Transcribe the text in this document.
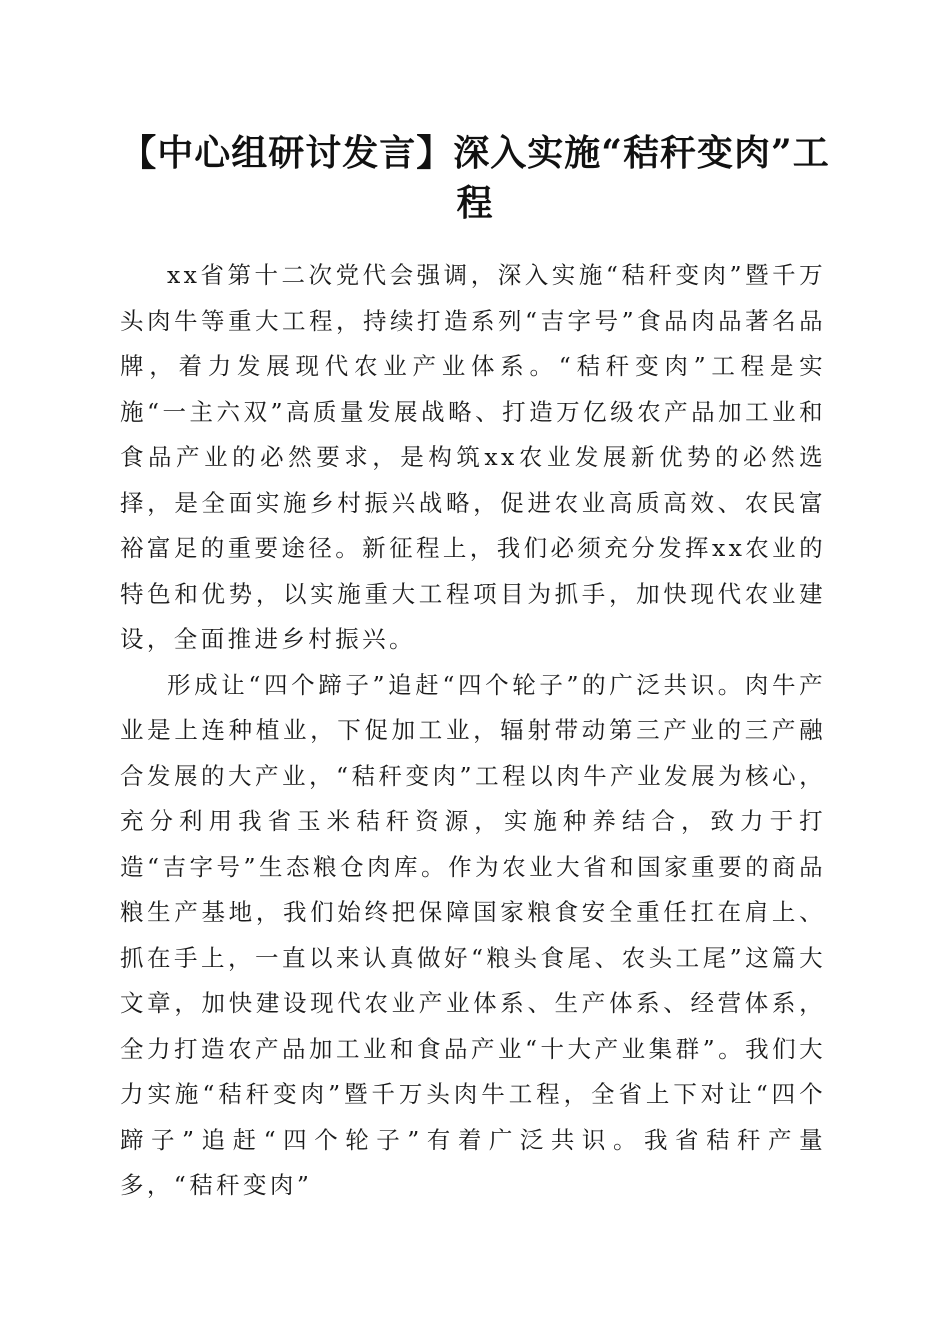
【中心组研讨发言】深入实施“秸秆变肉”工程

xx省第十二次党代会强调，深入实施“秸秆变肉”暨千万头肉牛等重大工程，持续打造系列“吉字号”食品肉品著名品牌，着力发展现代农业产业体系。“秸秆变肉”工程是实施“一主六双”高质量发展战略、打造万亿级农产品加工业和食品产业的必然要求，是构筑xx农业发展新优势的必然选择，是全面实施乡村振兴战略，促进农业高质高效、农民富裕富足的重要途径。新征程上，我们必须充分发挥xx农业的特色和优势，以实施重大工程项目为抓手，加快现代农业建设，全面推进乡村振兴。

形成让“四个蹄子”追赶“四个轮子”的广泛共识。肉牛产业是上连种植业，下促加工业，辐射带动第三产业的三产融合发展的大产业，“秸秆变肉”工程以肉牛产业发展为核心，充分利用我省玉米秸秆资源，实施种养结合，致力于打造“吉字号”生态粮仓肉库。作为农业大省和国家重要的商品粮生产基地，我们始终把保障国家粮食安全重任扛在肩上、抓在手上，一直以来认真做好“粮头食尾、农头工尾”这篇大文章，加快建设现代农业产业体系、生产体系、经营体系，全力打造农产品加工业和食品产业“十大产业集群”。我们大力实施“秸秆变肉”暨千万头肉牛工程，全省上下对让“四个蹄子”追赶“四个轮子”有着广泛共识。我省秸秆产量多，“秸秆变肉”
